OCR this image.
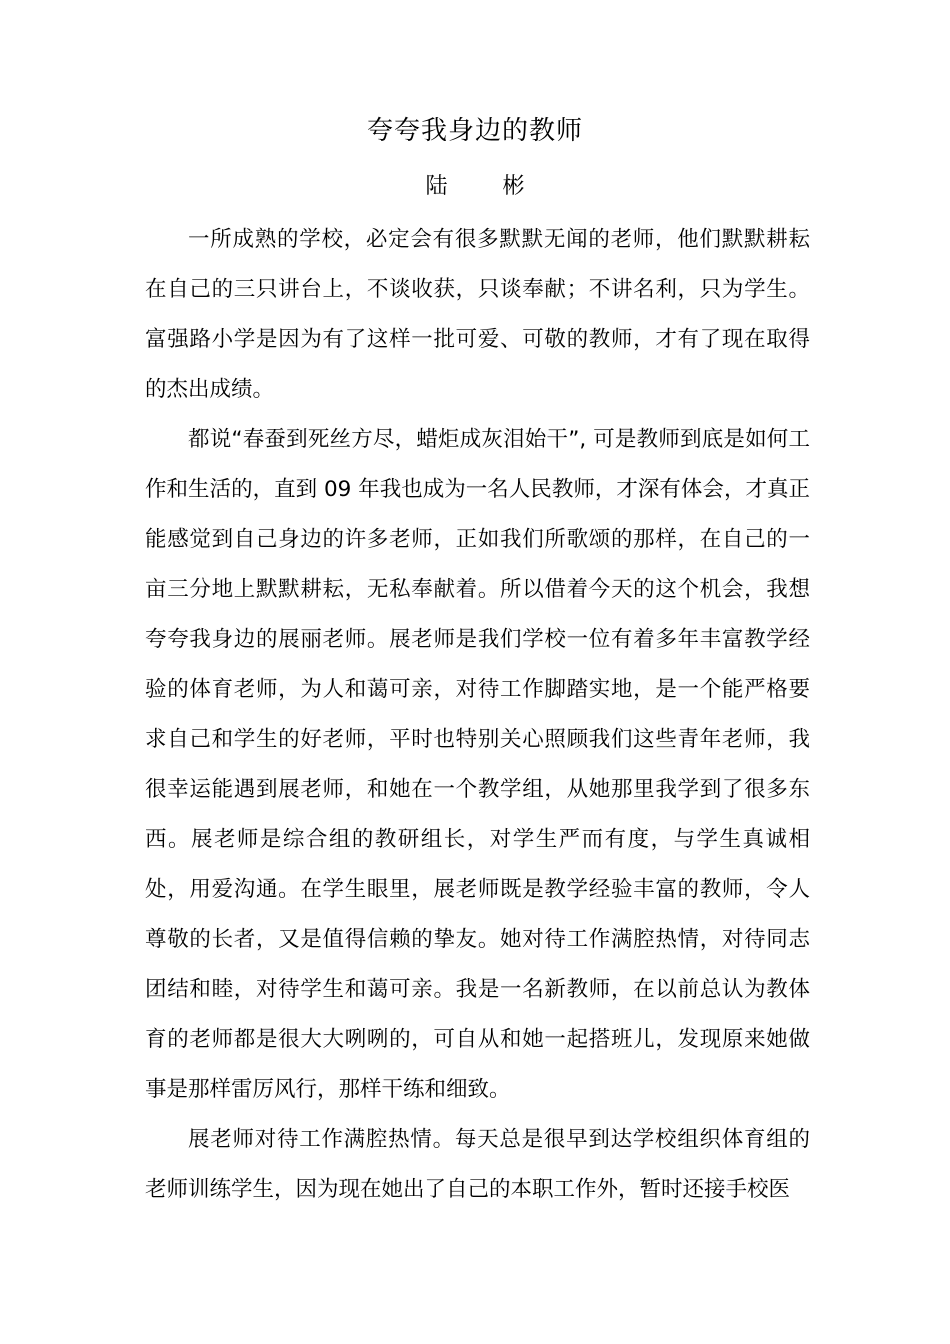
夸夸我身边的教师
陆 彬

一所成熟的学校，必定会有很多默默无闻的老师，他们默默耕耘在自己的三只讲台上，不谈收获，只谈奉献；不讲名利，只为学生。富强路小学是因为有了这样一批可爱、可敬的教师，才有了现在取得的杰出成绩。

都说“春蚕到死丝方尽，蜡炬成灰泪始干”, 可是教师到底是如何工作和生活的，直到 09 年我也成为一名人民教师，才深有体会，才真正能感觉到自己身边的许多老师，正如我们所歌颂的那样，在自己的一亩三分地上默默耕耘，无私奉献着。所以借着今天的这个机会，我想夸夸我身边的展丽老师。展老师是我们学校一位有着多年丰富教学经验的体育老师，为人和蔼可亲，对待工作脚踏实地，是一个能严格要求自己和学生的好老师，平时也特别关心照顾我们这些青年老师，我很幸运能遇到展老师，和她在一个教学组，从她那里我学到了很多东西。展老师是综合组的教研组长，对学生严而有度，与学生真诚相处，用爱沟通。在学生眼里，展老师既是教学经验丰富的教师，令人尊敬的长者，又是值得信赖的挚友。她对待工作满腔热情，对待同志团结和睦，对待学生和蔼可亲。我是一名新教师，在以前总认为教体育的老师都是很大大咧咧的，可自从和她一起搭班儿，发现原来她做事是那样雷厉风行，那样干练和细致。

展老师对待工作满腔热情。每天总是很早到达学校组织体育组的老师训练学生，因为现在她出了自己的本职工作外，暂时还接手校医
